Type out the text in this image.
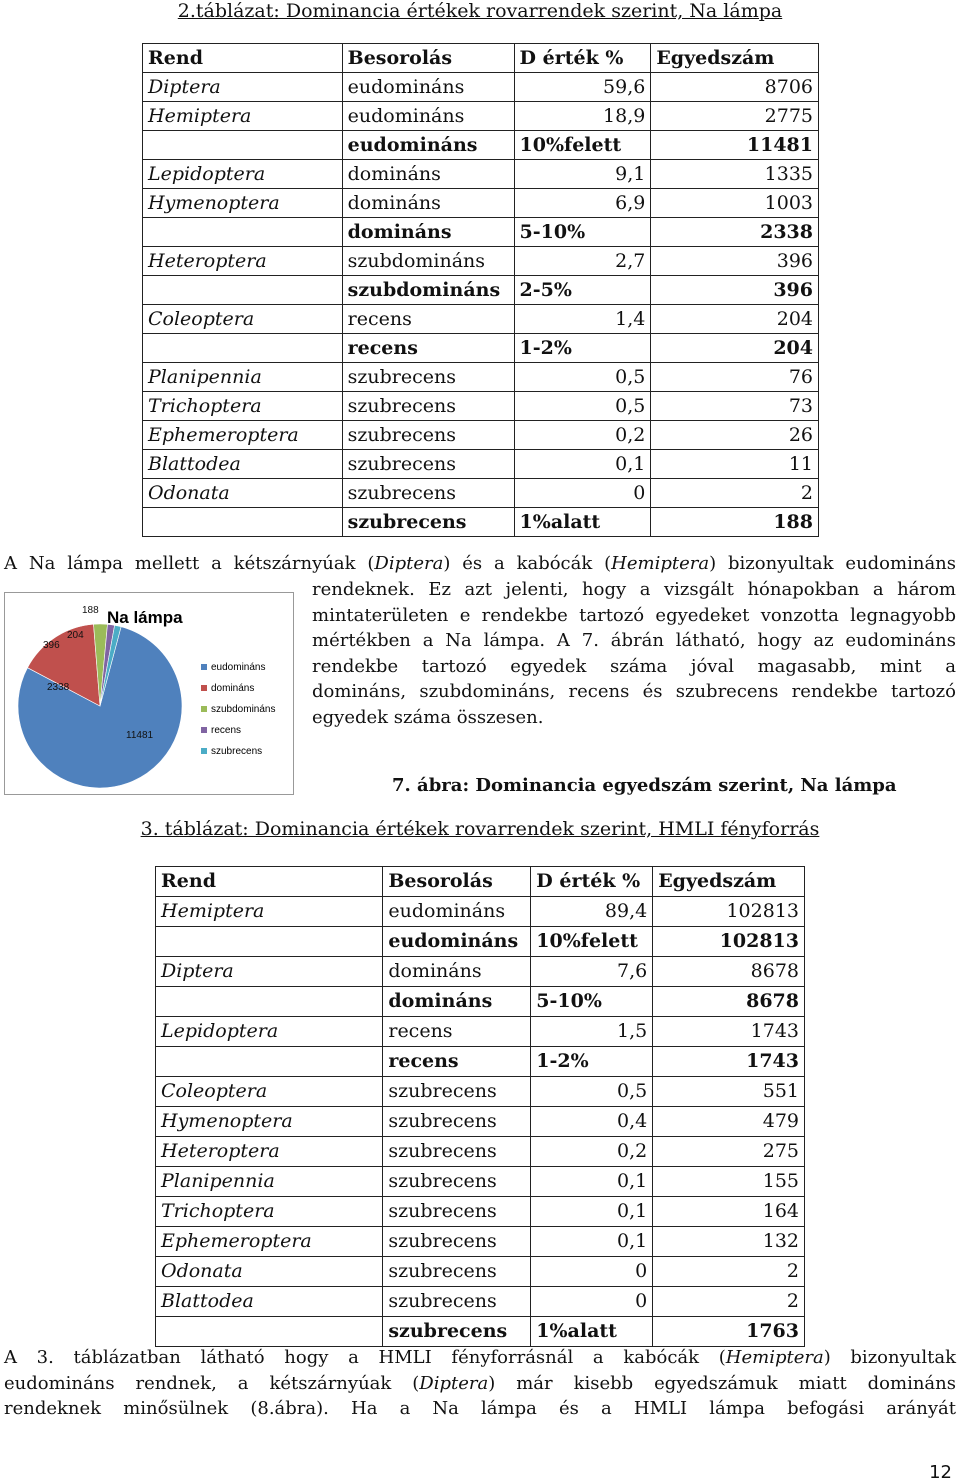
2.táblázat: Dominancia értékek rovarrendek szerint, Na lámpa
Rend	Besorolás	D érték %	Egyedszám
Diptera	eudomináns	59,6	8706
Hemiptera	eudomináns	18,9	2775
	eudomináns	10%felett	11481
Lepidoptera	domináns	9,1	1335
Hymenoptera	domináns	6,9	1003
	domináns	5-10%	2338
Heteroptera	szubdomináns	2,7	396
	szubdomináns	2-5%	396
Coleoptera	recens	1,4	204
	recens	1-2%	204
Planipennia	szubrecens	0,5	76
Trichoptera	szubrecens	0,5	73
Ephemeroptera	szubrecens	0,2	26
Blattodea	szubrecens	0,1	11
Odonata	szubrecens	0	2
	szubrecens	1%alatt	188
A Na lámpa mellett a kétszárnyúak (Diptera) és a kabócák (Hemiptera) bizonyultak eudomináns
rendeknek. Ez azt jelenti, hogy a vizsgált hónapokban a három
mintaterületen e rendekbe tartozó egyedeket vonzotta legnagyobb
mértékben a Na lámpa. A 7. ábrán látható, hogy az eudomináns
rendekbe tartozó egyedek száma jóval magasabb, mint a
domináns, szubdomináns, recens és szubrecens rendekbe tartozó
egyedek száma összesen.
11481
2338
396
204
188 Na lámpa
eudomináns
domináns
szubdomináns
recens
szubrecens
7. ábra: Dominancia egyedszám szerint, Na lámpa
3. táblázat: Dominancia értékek rovarrendek szerint, HMLI fényforrás
Rend	Besorolás	D érték %	Egyedszám
Hemiptera	eudomináns	89,4	102813
	eudomináns	10%felett	102813
Diptera	domináns	7,6	8678
	domináns	5-10%	8678
Lepidoptera	recens	1,5	1743
	recens	1-2%	1743
Coleoptera	szubrecens	0,5	551
Hymenoptera	szubrecens	0,4	479
Heteroptera	szubrecens	0,2	275
Planipennia	szubrecens	0,1	155
Trichoptera	szubrecens	0,1	164
Ephemeroptera	szubrecens	0,1	132
Odonata	szubrecens	0	2
Blattodea	szubrecens	0	2
	szubrecens	1%alatt	1763
A 3. táblázatban látható hogy a HMLI fényforrásnál a kabócák (Hemiptera) bizonyultak
eudomináns rendnek, a kétszárnyúak (Diptera) már kisebb egyedszámuk miatt domináns
rendeknek minősülnek (8.ábra). Ha a Na lámpa és a HMLI lámpa befogási arányát
12
